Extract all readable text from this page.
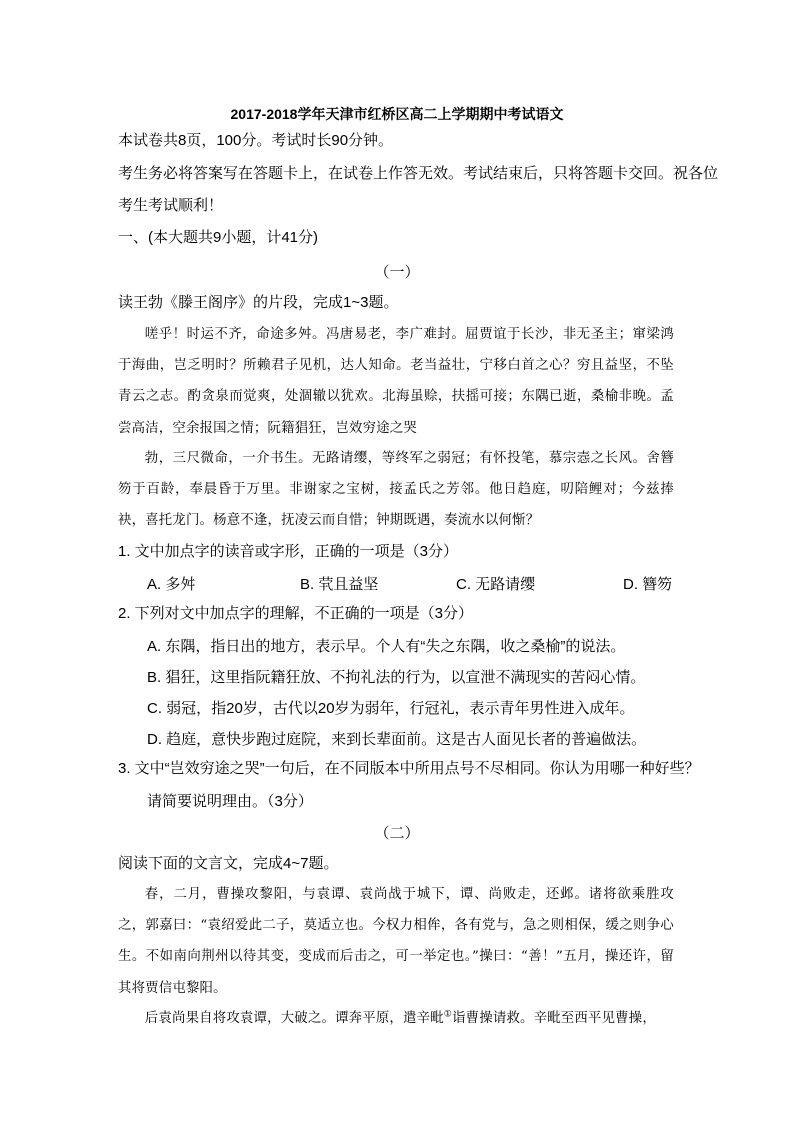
2017-2018学年天津市红桥区高二上学期期中考试语文
本试卷共8页，100分。考试时长90分钟。
考生务必将答案写在答题卡上，在试卷上作答无效。考试结束后，只将答题卡交回。祝各位
考生考试顺利！
一、(本大题共9小题，计41分)
（一）
读王勃《滕王阁序》的片段，完成1~3题。
嗟乎！时运不齐，命途多舛。冯唐易老，李广难封。屈贾谊于长沙，非无圣主；窜梁鸿于海曲，岂乏明时？所赖君子见机，达人知命。老当益壮，宁移白首之心？穷且益坚，不坠青云之志。酌贪泉而觉爽，处涸辙以犹欢。北海虽赊，扶摇可接；东隅已逝，桑榆非晚。孟尝高洁，空余报国之情；阮籍猖狂，岂效穷途之哭
勃，三尺微命，一介书生。无路请缨，等终军之弱冠；有怀投笔，慕宗悫之长风。舍簪笏于百龄，奉晨昏于万里。非谢家之宝树，接孟氏之芳邻。他日趋庭，叨陪鲤对；今兹捧袂，喜托龙门。杨意不逢，抚凌云而自惜；钟期既遇，奏流水以何惭？
1. 文中加点字的读音或字形，正确的一项是（3分）
A. 多舛	B. 茕且益坚	C. 无路请缨	D. 簪笏
2. 下列对文中加点字的理解，不正确的一项是（3分）
A. 东隅，指日出的地方，表示早。个人有“失之东隅，收之桑榆”的说法。
B. 猖狂，这里指阮籍狂放、不拘礼法的行为，以宣泄不满现实的苦闷心情。
C. 弱冠，指20岁，古代以20岁为弱年，行冠礼，表示青年男性进入成年。
D. 趋庭，意快步跑过庭院，来到长辈面前。这是古人面见长者的普遍做法。
3. 文中“岂效穷途之哭”一句后，在不同版本中所用点号不尽相同。你认为用哪一种好些？
请简要说明理由。（3分）
（二）
阅读下面的文言文，完成4~7题。
春，二月，曹操攻黎阳，与袁谭、袁尚战于城下，谭、尚败走，还邺。诸将欲乘胜攻之，郭嘉曰：“袁绍爱此二子，莫适立也。今权力相侔，各有党与，急之则相保，缓之则争心生。不如南向荆州以待其变，变成而后击之，可一举定也。”操曰：“善！”五月，操还许，留其将贾信屯黎阳。
后袁尚果自将攻袁谭，大破之。谭奔平原，遣辛毗①诣曹操请救。辛毗至西平见曹操，
